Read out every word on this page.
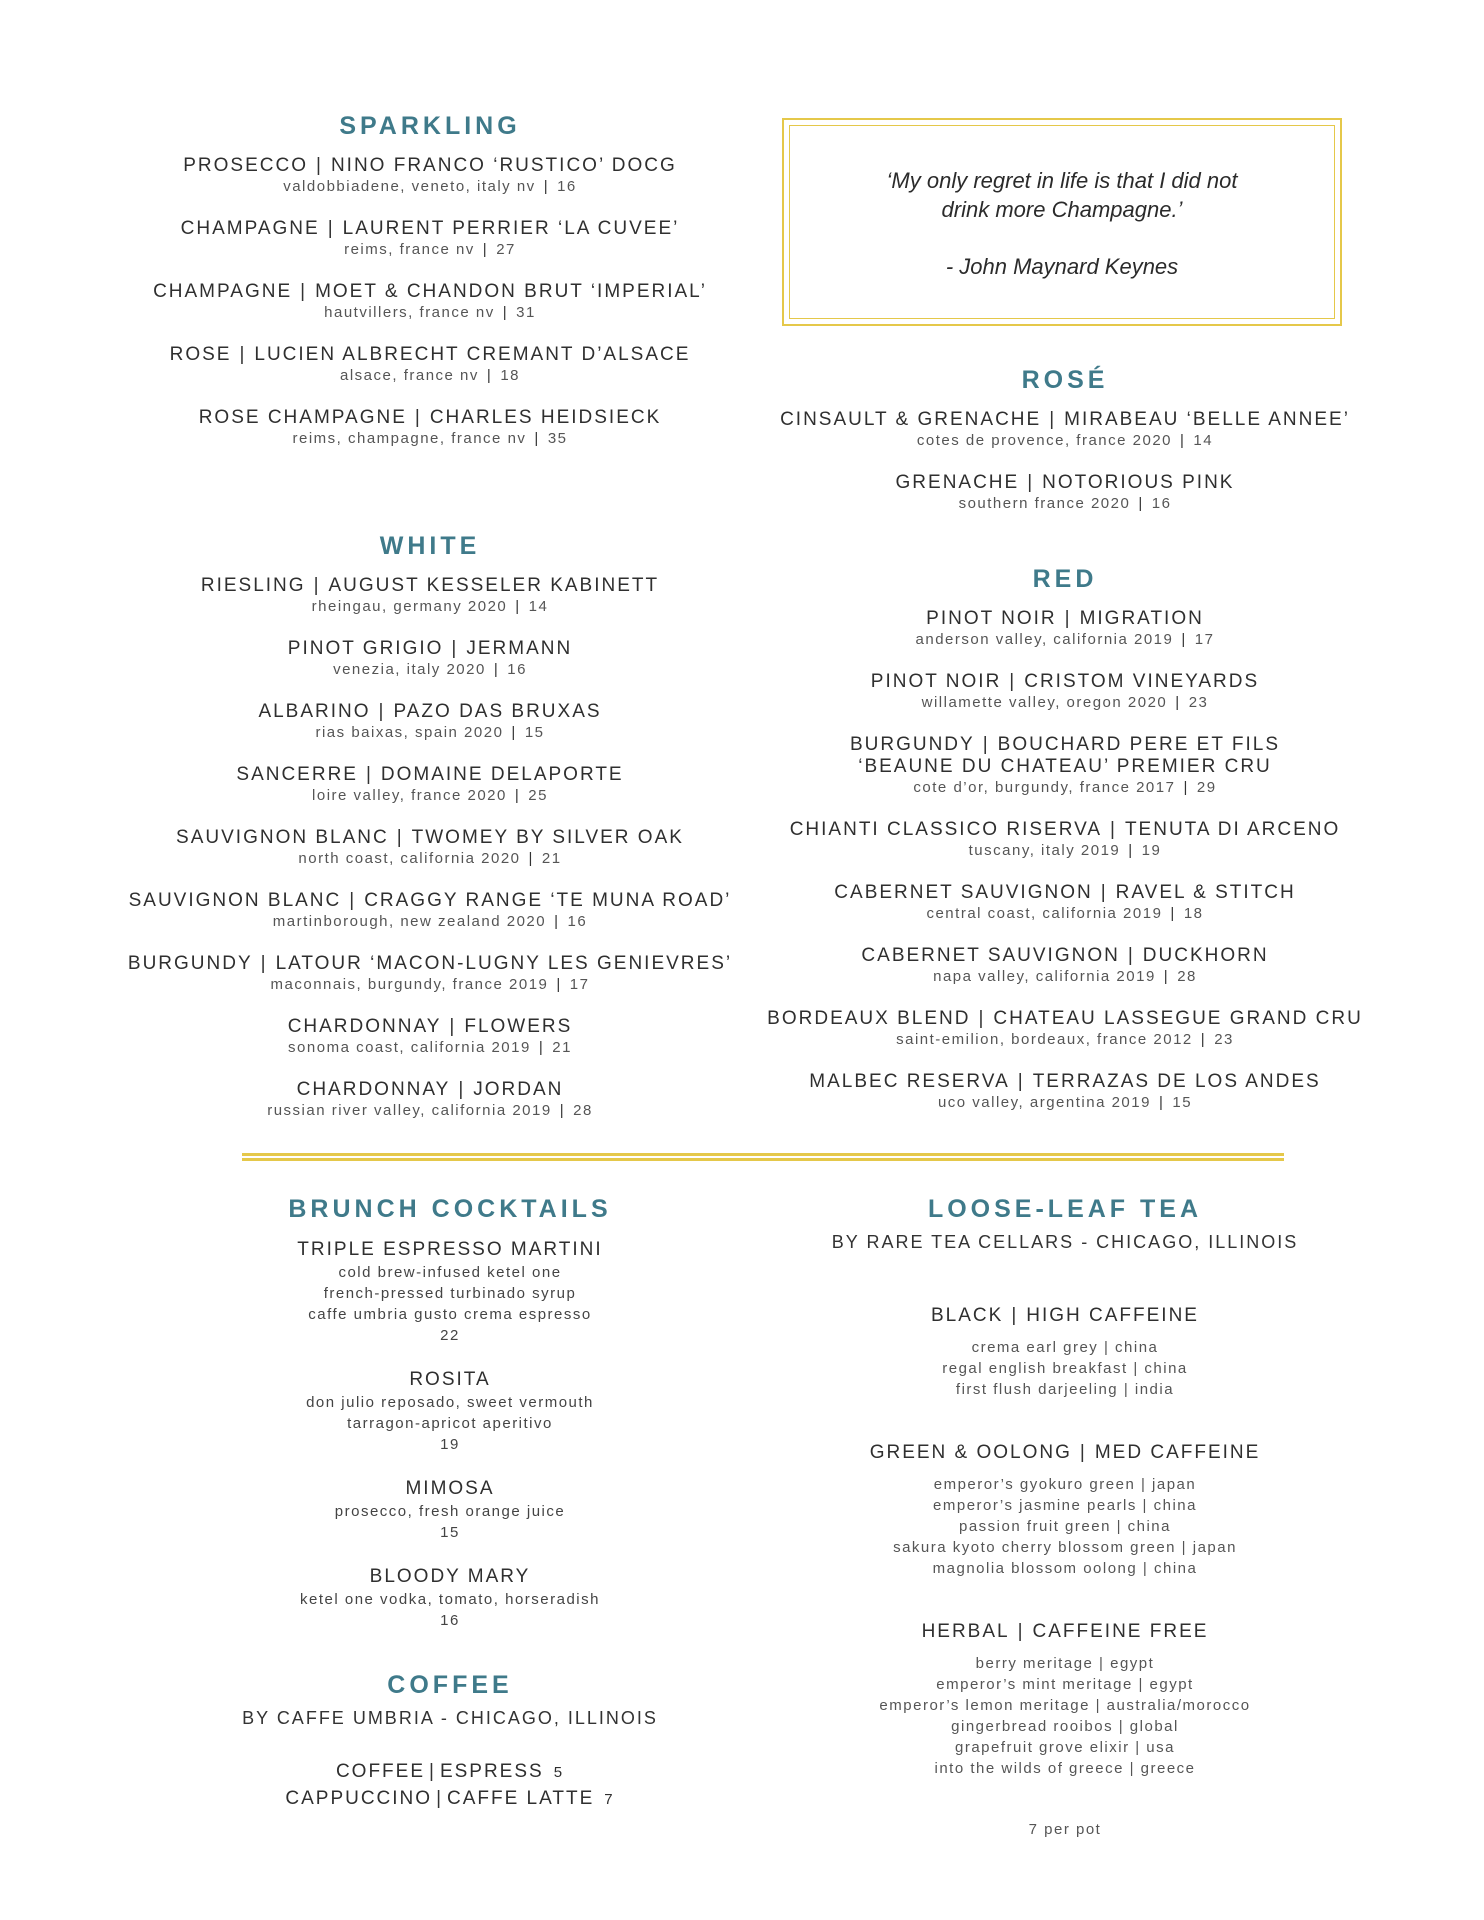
SPARKLING
PROSECCO | NINO FRANCO ‘RUSTICO’ DOCG
valdobbiadene, veneto, italy nv | 16
CHAMPAGNE | LAURENT PERRIER ‘LA CUVEE’
reims, france nv | 27
CHAMPAGNE | MOET & CHANDON BRUT ‘IMPERIAL’
hautvillers, france nv | 31
ROSE | LUCIEN ALBRECHT CREMANT D’ALSACE
alsace, france nv | 18
ROSE CHAMPAGNE | CHARLES HEIDSIECK
reims, champagne, france nv | 35
WHITE
RIESLING | AUGUST KESSELER KABINETT
rheingau, germany 2020 | 14
PINOT GRIGIO | JERMANN
venezia, italy 2020 | 16
ALBARINO | PAZO DAS BRUXAS
rias baixas, spain 2020 | 15
SANCERRE | DOMAINE DELAPORTE
loire valley, france 2020 | 25
SAUVIGNON BLANC | TWOMEY BY SILVER OAK
north coast, california 2020 | 21
SAUVIGNON BLANC | CRAGGY RANGE ‘TE MUNA ROAD’
martinborough, new zealand 2020 | 16
BURGUNDY | LATOUR ‘MACON-LUGNY LES GENIEVRES’
maconnais, burgundy, france 2019 | 17
CHARDONNAY | FLOWERS
sonoma coast, california 2019 | 21
CHARDONNAY | JORDAN
russian river valley, california 2019 | 28
‘My only regret in life is that I did not
drink more Champagne.’
- John Maynard Keynes
ROSÉ
CINSAULT & GRENACHE | MIRABEAU ‘BELLE ANNEE’
cotes de provence, france 2020 | 14
GRENACHE | NOTORIOUS PINK
southern france 2020 | 16
RED
PINOT NOIR | MIGRATION
anderson valley, california 2019 | 17
PINOT NOIR | CRISTOM VINEYARDS
willamette valley, oregon 2020 | 23
BURGUNDY | BOUCHARD PERE ET FILS
‘BEAUNE DU CHATEAU’ PREMIER CRU
cote d’or, burgundy, france 2017 | 29
CHIANTI CLASSICO RISERVA | TENUTA DI ARCENO
tuscany, italy 2019 | 19
CABERNET SAUVIGNON | RAVEL & STITCH
central coast, california 2019 | 18
CABERNET SAUVIGNON | DUCKHORN
napa valley, california 2019 | 28
BORDEAUX BLEND | CHATEAU LASSEGUE GRAND CRU
saint-emilion, bordeaux, france 2012 | 23
MALBEC RESERVA | TERRAZAS DE LOS ANDES
uco valley, argentina 2019 | 15
BRUNCH COCKTAILS
TRIPLE ESPRESSO MARTINI
cold brew-infused ketel one
french-pressed turbinado syrup
caffe umbria gusto crema espresso
22
ROSITA
don julio reposado, sweet vermouth
tarragon-apricot aperitivo
19
MIMOSA
prosecco, fresh orange juice
15
BLOODY MARY
ketel one vodka, tomato, horseradish
16
COFFEE
BY CAFFE UMBRIA - CHICAGO, ILLINOIS
COFFEE | ESPRESS 5
CAPPUCCINO | CAFFE LATTE 7
LOOSE-LEAF TEA
BY RARE TEA CELLARS - CHICAGO, ILLINOIS
BLACK | HIGH CAFFEINE
crema earl grey | china
regal english breakfast | china
first flush darjeeling | india
GREEN & OOLONG | MED CAFFEINE
emperor’s gyokuro green | japan
emperor’s jasmine pearls | china
passion fruit green | china
sakura kyoto cherry blossom green | japan
magnolia blossom oolong | china
HERBAL | CAFFEINE FREE
berry meritage | egypt
emperor’s mint meritage | egypt
emperor’s lemon meritage | australia/morocco
gingerbread rooibos | global
grapefruit grove elixir | usa
into the wilds of greece | greece
7 per pot
